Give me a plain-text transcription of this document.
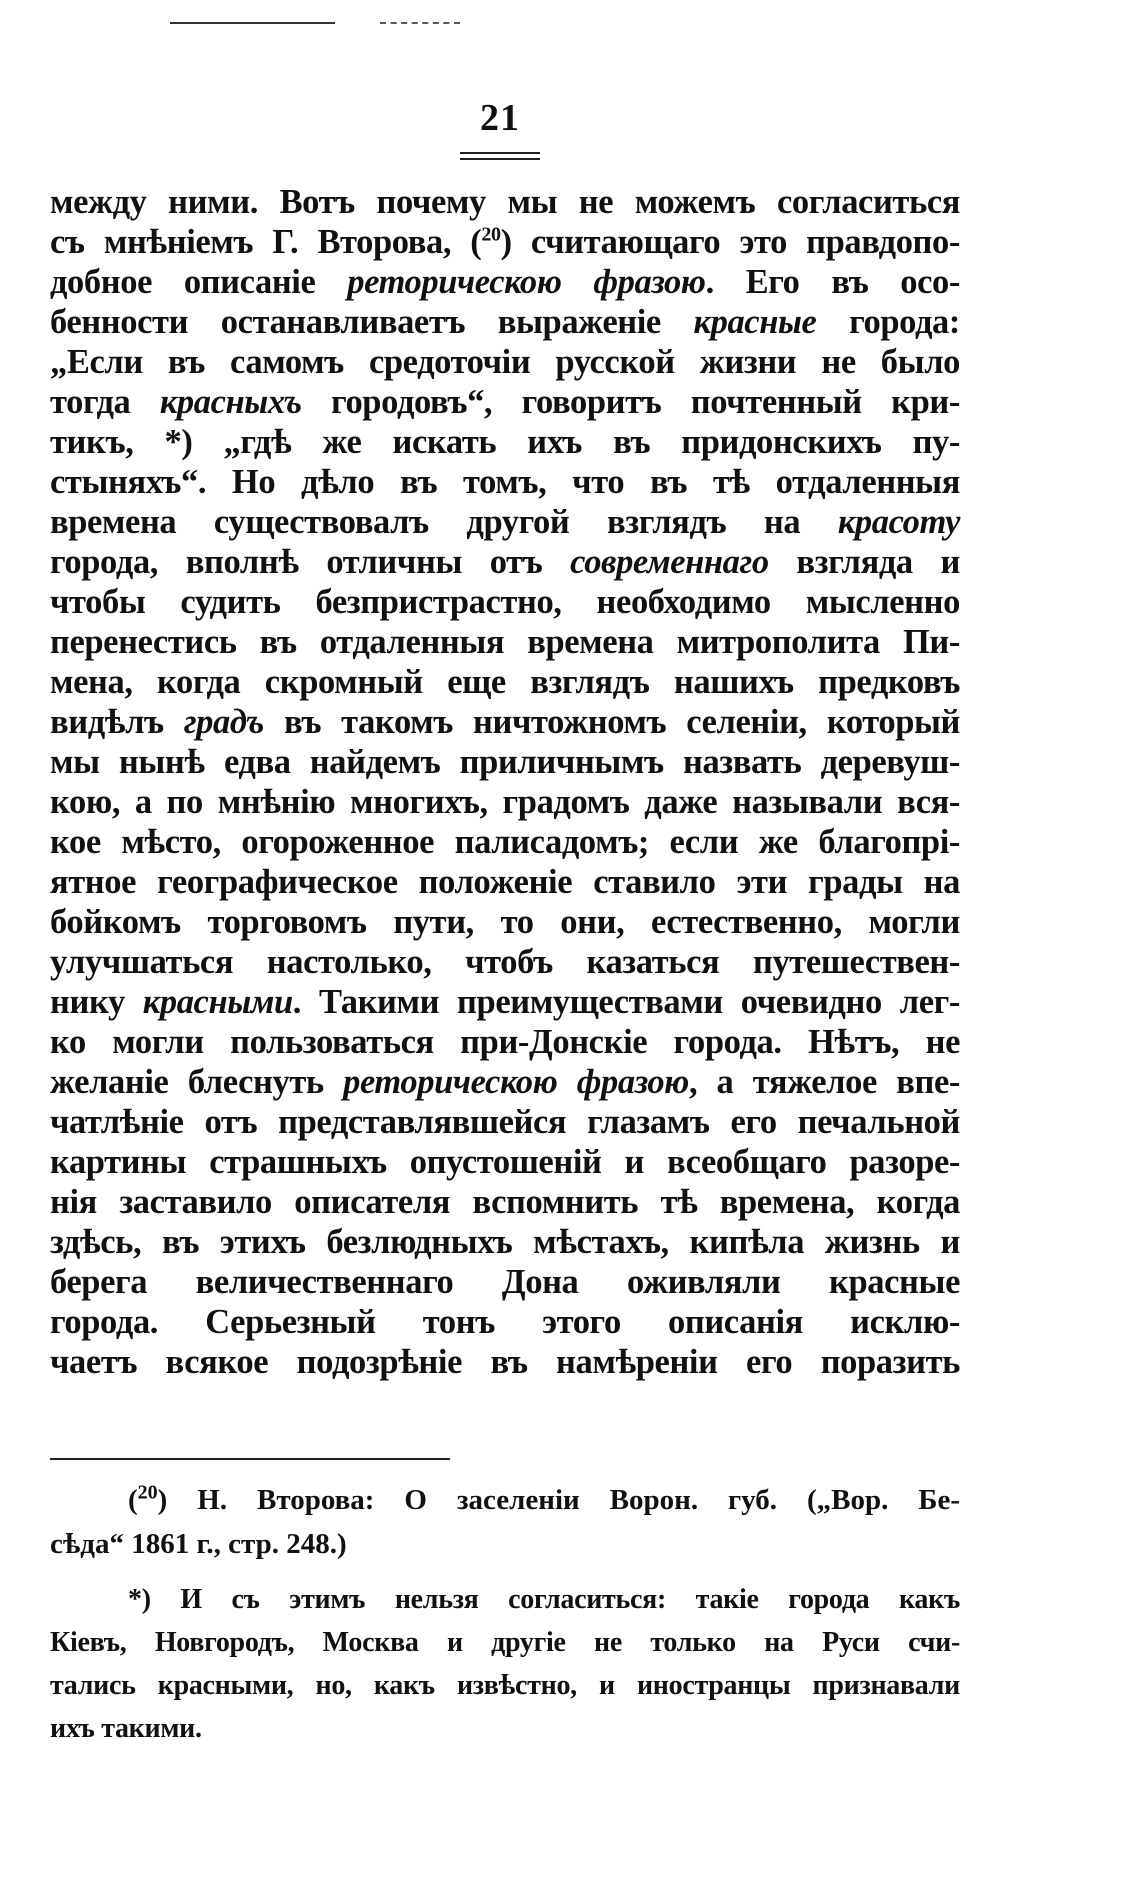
21
между ними. Вотъ почему мы не можемъ согласиться
съ мнѣніемъ Г. Второва, ($^{20}$) считающаго это правдопо-
добное описаніе реторическою фразою. Его въ осо-
бенности останавливаетъ выраженіе красные города:
„Если въ самомъ средоточіи русской жизни не было
тогда красныхъ городовъ“, говоритъ почтенный кри-
тикъ, *) „гдѣ же искать ихъ въ придонскихъ пу-
стыняхъ“. Но дѣло въ томъ, что въ тѣ отдаленныя
времена существовалъ другой взглядъ на красоту
города, вполнѣ отличны отъ современнаго взгляда и
чтобы судить безпристрастно, необходимо мысленно
перенестись въ отдаленныя времена митрополита Пи-
мена, когда скромный еще взглядъ нашихъ предковъ
видѣлъ градъ въ такомъ ничтожномъ селеніи, который
мы нынѣ едва найдемъ приличнымъ назвать деревуш-
кою, а по мнѣнію многихъ, градомъ даже называли вся-
кое мѣсто, огороженное палисадомъ; если же благопрі-
ятное географическое положеніе ставило эти грады на
бойкомъ торговомъ пути, то они, естественно, могли
улучшаться настолько, чтобъ казаться путешествен-
нику красными. Такими преимуществами очевидно лег-
ко могли пользоваться при-Донскіе города. Нѣтъ, не
желаніе блеснуть реторическою фразою, а тяжелое впе-
чатлѣніе отъ представлявшейся глазамъ его печальной
картины страшныхъ опустошеній и всеобщаго разоре-
нія заставило описателя вспомнить тѣ времена, когда
здѣсь, въ этихъ безлюдныхъ мѣстахъ, кипѣла жизнь и
берега величественнаго Дона оживляли красные
города. Серьезный тонъ этого описанія исклю-
чаетъ всякое подозрѣніе въ намѣреніи его поразить
($^{20}$) Н. Второва: О заселеніи Ворон. губ. („Вор. Бе-
сѣда“ 1861 г., стр. 248.)
*) И съ этимъ нельзя согласиться: такіе города какъ
Кіевъ, Новгородъ, Москва и другіе не только на Руси счи-
тались красными, но, какъ извѣстно, и иностранцы признавали
ихъ такими.
